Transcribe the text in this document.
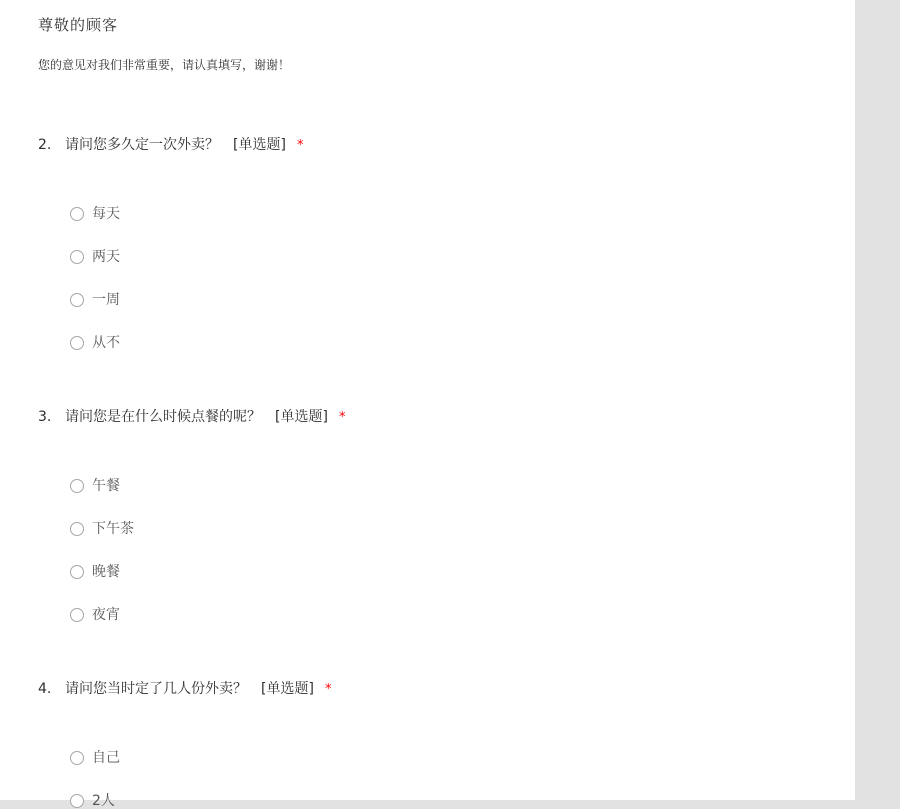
尊敬的顾客
您的意见对我们非常重要，请认真填写，谢谢！
2. 请问您多久定一次外卖？ [单选题] *
每天
两天
一周
从不
3. 请问您是在什么时候点餐的呢？ [单选题] *
午餐
下午茶
晚餐
夜宵
4. 请问您当时定了几人份外卖？ [单选题] *
自己
2人
